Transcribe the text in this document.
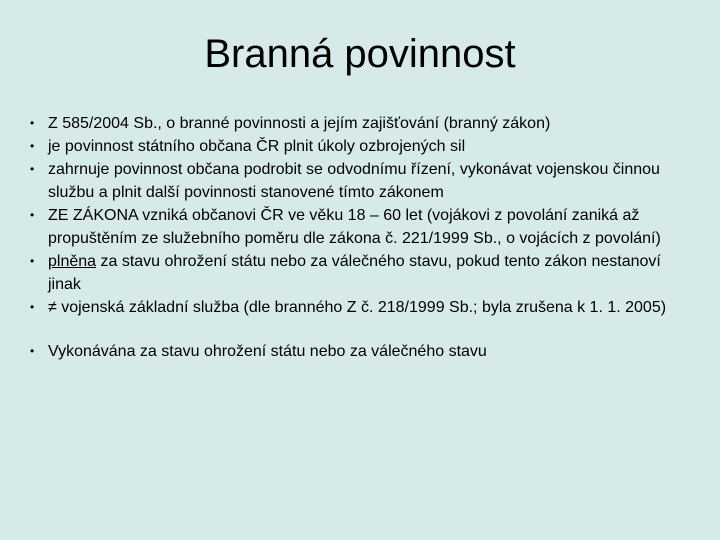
Branná povinnost
• Z 585/2004 Sb., o branné povinnosti a jejím zajišťování (branný zákon)
• je povinnost státního občana ČR plnit úkoly ozbrojených sil
• zahrnuje povinnost občana podrobit se odvodnímu řízení, vykonávat vojenskou činnou službu a plnit další povinnosti stanovené tímto zákonem
• ZE ZÁKONA vzniká občanovi ČR ve věku 18 – 60 let (vojákovi z povolání zaniká až propuštěním ze služebního poměru dle zákona č. 221/1999 Sb., o vojácích z povolání)
• plněna za stavu ohrožení státu nebo za válečného stavu, pokud tento zákon nestanoví jinak
• ≠ vojenská základní služba (dle branného Z č. 218/1999 Sb.; byla zrušena k 1. 1. 2005)
• Vykonávána za stavu ohrožení státu nebo za válečného stavu
